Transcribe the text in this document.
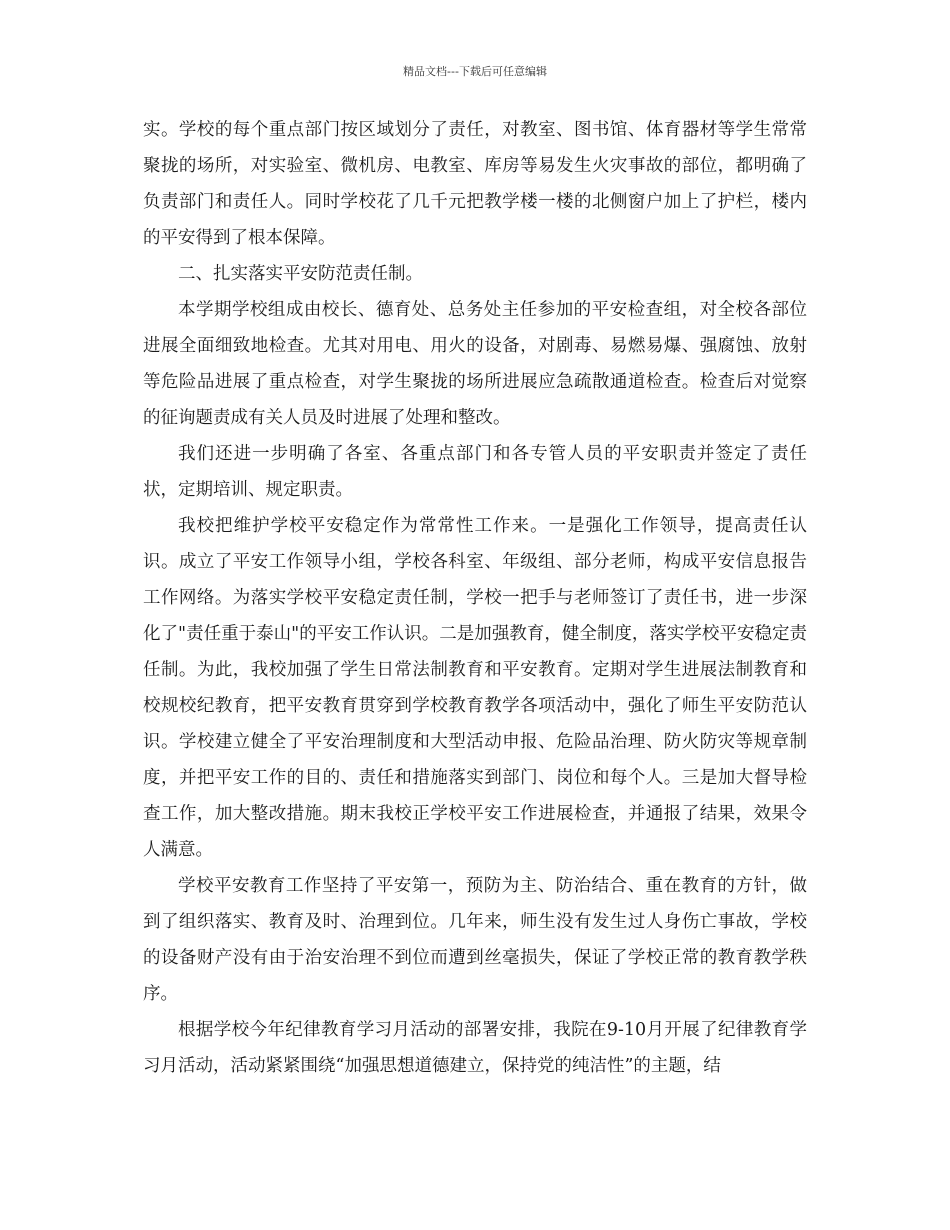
精品文档---下载后可任意编辑

实。学校的每个重点部门按区域划分了责任，对教室、图书馆、体育器材等学生常常聚拢的场所，对实验室、微机房、电教室、库房等易发生火灾事故的部位，都明确了负责部门和责任人。同时学校花了几千元把教学楼一楼的北侧窗户加上了护栏，楼内的平安得到了根本保障。

二、扎实落实平安防范责任制。

本学期学校组成由校长、德育处、总务处主任参加的平安检查组，对全校各部位进展全面细致地检查。尤其对用电、用火的设备，对剧毒、易燃易爆、强腐蚀、放射等危险品进展了重点检查，对学生聚拢的场所进展应急疏散通道检查。检查后对觉察的征询题责成有关人员及时进展了处理和整改。

我们还进一步明确了各室、各重点部门和各专管人员的平安职责并签定了责任状，定期培训、规定职责。

我校把维护学校平安稳定作为常常性工作来。一是强化工作领导，提高责任认识。成立了平安工作领导小组，学校各科室、年级组、部分老师，构成平安信息报告工作网络。为落实学校平安稳定责任制，学校一把手与老师签订了责任书，进一步深化了"责任重于泰山"的平安工作认识。二是加强教育，健全制度，落实学校平安稳定责任制。为此，我校加强了学生日常法制教育和平安教育。定期对学生进展法制教育和校规校纪教育，把平安教育贯穿到学校教育教学各项活动中，强化了师生平安防范认识。学校建立健全了平安治理制度和大型活动申报、危险品治理、防火防灾等规章制度，并把平安工作的目的、责任和措施落实到部门、岗位和每个人。三是加大督导检查工作，加大整改措施。期末我校正学校平安工作进展检查，并通报了结果，效果令人满意。

学校平安教育工作坚持了平安第一，预防为主、防治结合、重在教育的方针，做到了组织落实、教育及时、治理到位。几年来，师生没有发生过人身伤亡事故，学校的设备财产没有由于治安治理不到位而遭到丝毫损失，保证了学校正常的教育教学秩序。

根据学校今年纪律教育学习月活动的部署安排，我院在9-10月开展了纪律教育学习月活动，活动紧紧围绕“加强思想道德建立，保持党的纯洁性”的主题，结
